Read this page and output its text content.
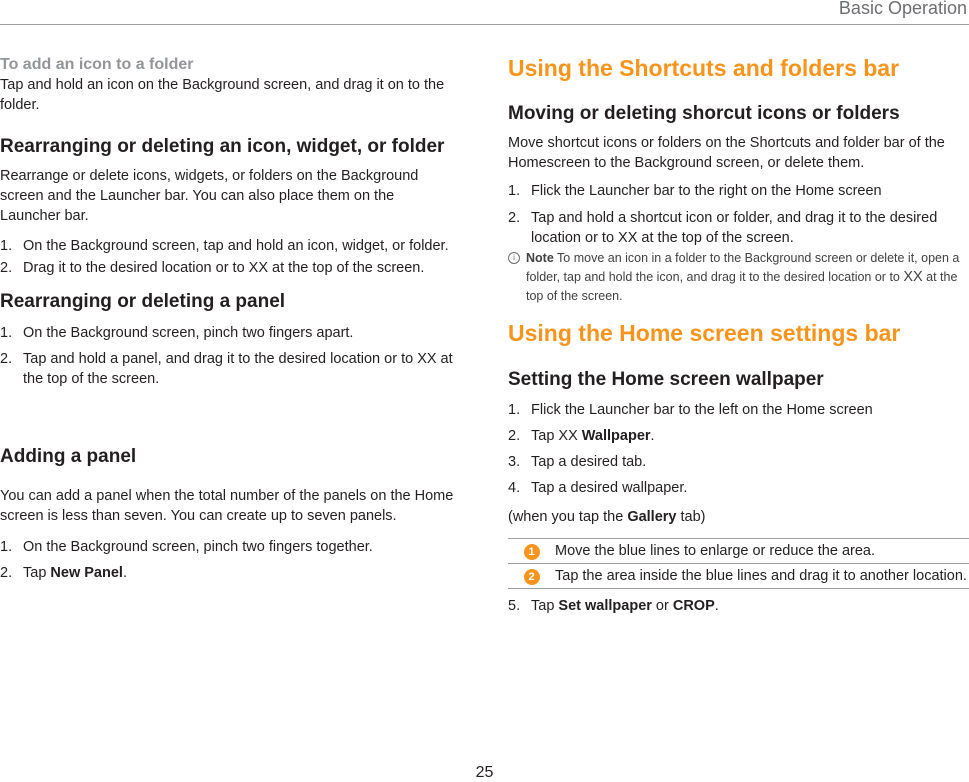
Basic Operation

To add an icon to a folder

Tap and hold an icon on the Background screen, and drag it on to the folder.

Rearranging or deleting an icon, widget, or folder

Rearrange or delete icons, widgets, or folders on the Background screen and the Launcher bar. You can also place them on the Launcher bar.

1. On the Background screen, tap and hold an icon, widget, or folder.
2. Drag it to the desired location or to XX at the top of the screen.

Rearranging or deleting a panel

1. On the Background screen, pinch two fingers apart.
2. Tap and hold a panel, and drag it to the desired location or to XX at the top of the screen.

Adding a panel

You can add a panel when the total number of the panels on the Home screen is less than seven. You can create up to seven panels.

1. On the Background screen, pinch two fingers together.
2. Tap New Panel.

Using the Shortcuts and folders bar

Moving or deleting shorcut icons or folders

Move shortcut icons or folders on the Shortcuts and folder bar of the Homescreen to the Background screen, or delete them.

1. Flick the Launcher bar to the right on the Home screen
2. Tap and hold a shortcut icon or folder, and drag it to the desired location or to XX at the top of the screen.
i Note To move an icon in a folder to the Background screen or delete it, open a folder, tap and hold the icon, and drag it to the desired location or to XX at the top of the screen.

Using the Home screen settings bar

Setting the Home screen wallpaper

1. Flick the Launcher bar to the left on the Home screen
2. Tap XX Wallpaper.
3. Tap a desired tab.
4. Tap a desired wallpaper.

(when you tap the Gallery tab)

1	Move the blue lines to enlarge or reduce the area.
2	Tap the area inside the blue lines and drag it to another location.
5. Tap Set wallpaper or CROP.
25
